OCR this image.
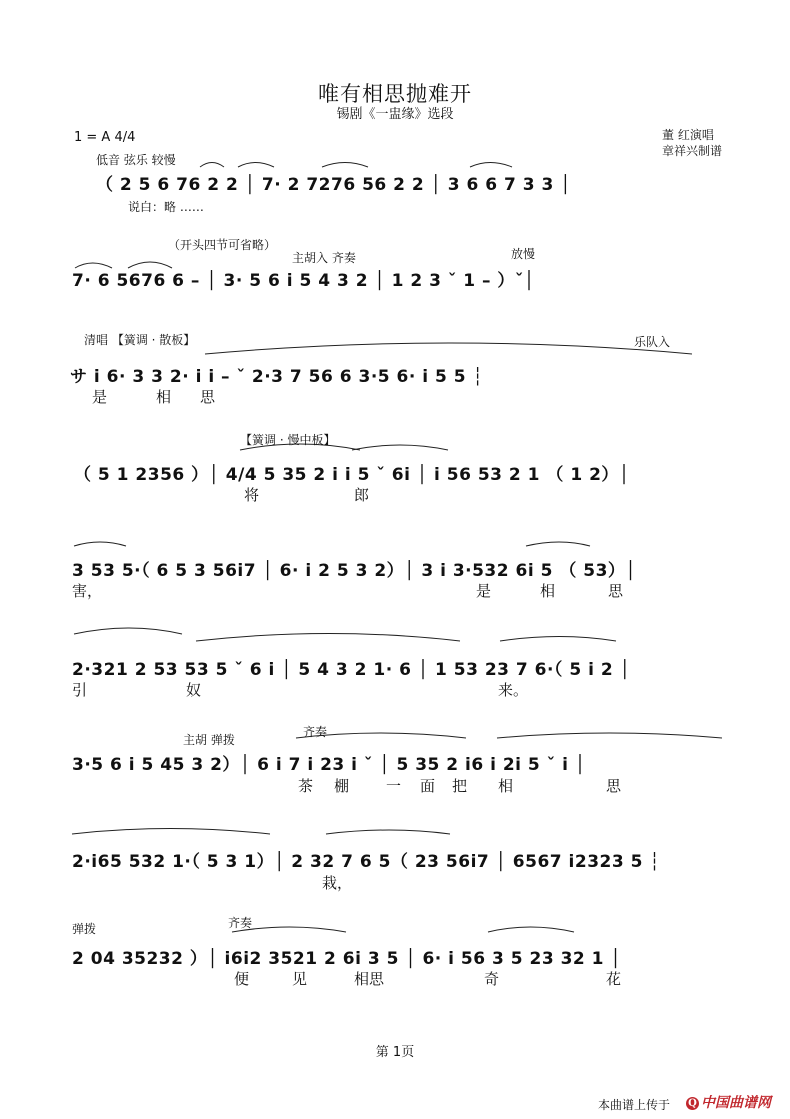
唯有相思抛难开
锡剧《一盅缘》选段
1 = A 4/4	董 红演唱
章祥兴制谱
低音 弦乐 较慢
（ 2 5 6 76 2 2 │ 7· 2 7276 56 2 2 │ 3 6 6 7 3 3 │
说白：略 ……
（开头四节可省略）
主胡入 齐奏	放慢
7· 6 5676 6 – │ 3· 5 6 i 5 4 3 2 │ 1 2 3 ˇ 1 – ）ˇ│
清唱 【簧调 · 散板】	乐队入
サ i 6· 3 3 2· i i – ˇ 2·3 7 56 6 3·5 6· i 5 5 ┆
是	相 思
【簧调 · 慢中板】
（ 5 1 2356 ）│ 4/4 5 35 2 i i 5 ˇ 6i │ i 56 53 2 1 （ 1 2）│
将	郎
3 53 5·（ 6 5 3 56i7 │ 6· i 2 5 3 2）│ 3 i 3·532 6i 5 （ 53）│
害，	是	相	思
2·321 2 53 53 5 ˇ 6 i │ 5 4 3 2 1· 6 │ 1 53 23 7 6·（ 5 i 2 │
引	奴	来。
主胡 弹拨
齐奏
3·5 6 i 5 45 3 2）│ 6 i 7 i 23 i ˇ │ 5 35 2 i6 i 2i 5 ˇ i │
茶 棚 一 面 把 相	思
2·i65 532 1·（ 5 3 1）│ 2 32 7 6 5（ 23 56i7 │ 6567 i2323 5 ┆
栽，
弹拨	齐奏
2 04 35232 ）│ i6i2 3521 2 6i 3 5 │ 6· i 56 3 5 23 32 1 │
便	见	相思	奇	花
第 1页
本曲谱上传于 Q 中国曲谱网
